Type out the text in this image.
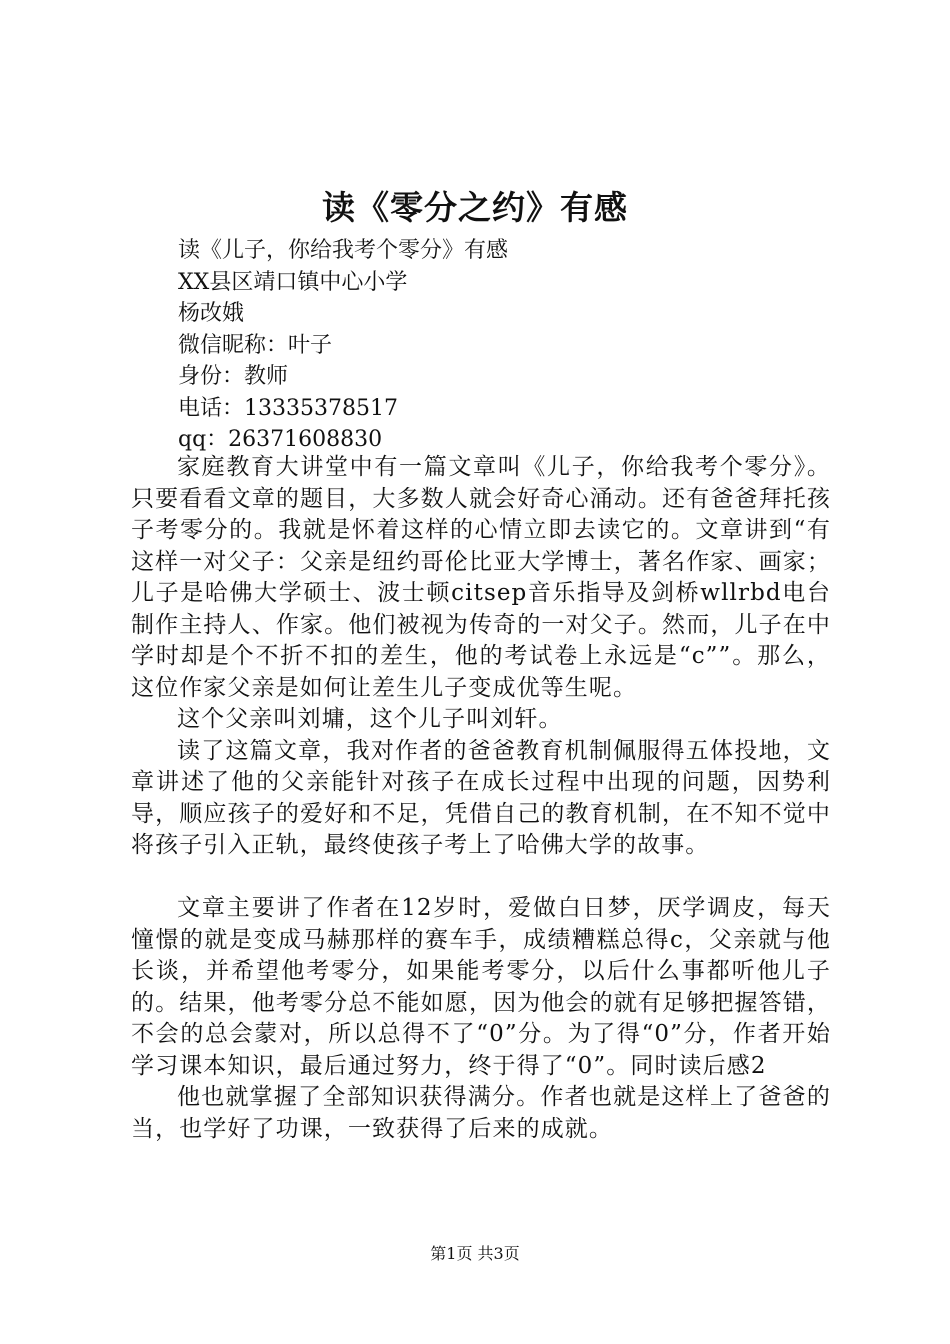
读《零分之约》有感
读《儿子，你给我考个零分》有感
XX县区靖口镇中心小学
杨改娥
微信昵称：叶子
身份：教师
电话：13335378517
qq：26371608830

家庭教育大讲堂中有一篇文章叫《儿子，你给我考个零分》。只要看看文章的题目，大多数人就会好奇心涌动。还有爸爸拜托孩子考零分的。我就是怀着这样的心情立即去读它的。文章讲到“有这样一对父子：父亲是纽约哥伦比亚大学博士，著名作家、画家；儿子是哈佛大学硕士、波士顿citsep音乐指导及剑桥wllrbd电台制作主持人、作家。他们被视为传奇的一对父子。然而，儿子在中学时却是个不折不扣的差生，他的考试卷上永远是“c””。那么，这位作家父亲是如何让差生儿子变成优等生呢。

这个父亲叫刘墉，这个儿子叫刘轩。

读了这篇文章，我对作者的爸爸教育机制佩服得五体投地，文章讲述了他的父亲能针对孩子在成长过程中出现的问题，因势利导，顺应孩子的爱好和不足，凭借自己的教育机制，在不知不觉中将孩子引入正轨，最终使孩子考上了哈佛大学的故事。

文章主要讲了作者在12岁时，爱做白日梦，厌学调皮，每天憧憬的就是变成马赫那样的赛车手，成绩糟糕总得c，父亲就与他长谈，并希望他考零分，如果能考零分，以后什么事都听他儿子的。结果，他考零分总不能如愿，因为他会的就有足够把握答错，不会的总会蒙对，所以总得不了“0”分。为了得“0”分，作者开始学习课本知识，最后通过努力，终于得了“0”。同时读后感2

他也就掌握了全部知识获得满分。作者也就是这样上了爸爸的当，也学好了功课，一致获得了后来的成就。

第1页 共3页
